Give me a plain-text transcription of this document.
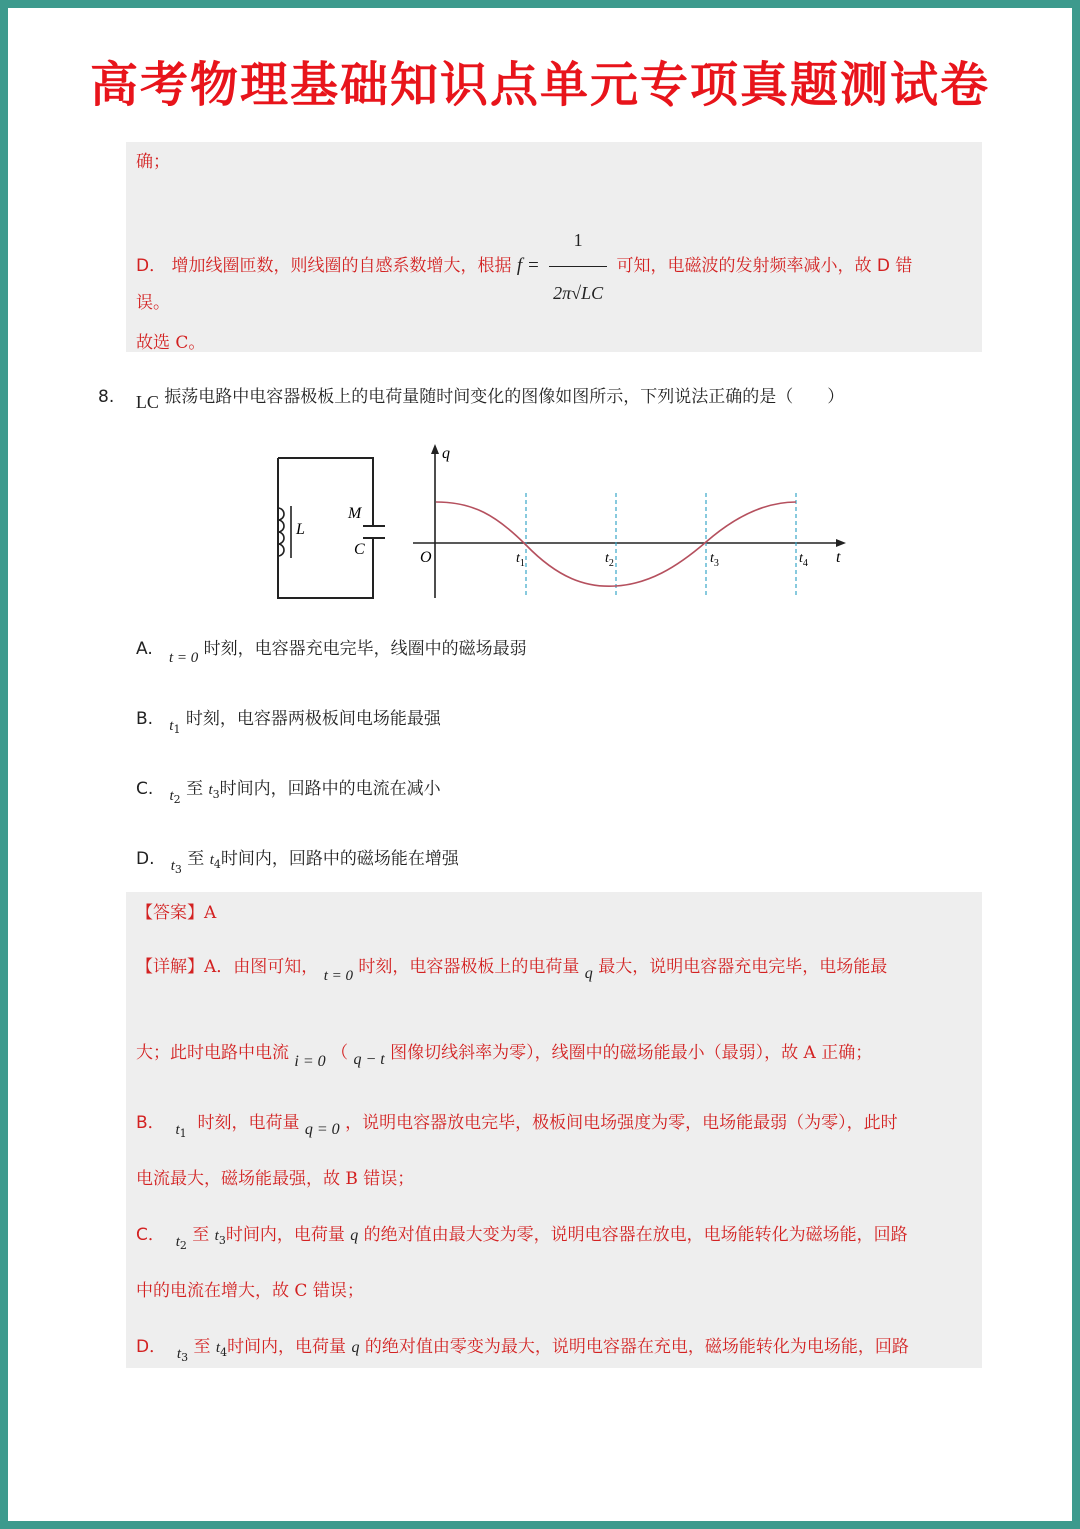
高考物理基础知识点单元专项真题测试卷
确；
D． 增加线圈匝数，则线圈的自感系数增大，根据 $f = \frac{1}{2\pi√LC}$ 可知，电磁波的发射频率减小，故 D 错
误。
故选 C。
8. LC 振荡电路中电容器极板上的电荷量随时间变化的图像如图所示，下列说法正确的是（　　）
L
M
C	O
q
t
$t_1$	$t_2$	$t_3$	$t_4$
A. t = 0 时刻，电容器充电完毕，线圈中的磁场最弱
B. $t_1$ 时刻，电容器两极板间电场能最强
C. $t_2$ 至 $t_3$时间内，回路中的电流在减小
D. $t_3$ 至 $t_4$时间内，回路中的磁场能在增强
【答案】A
【详解】A．由图可知， t = 0 时刻，电容器极板上的电荷量 q 最大，说明电容器充电完毕，电场能最
大；此时电路中电流 i = 0 （ q − t 图像切线斜率为零），线圈中的磁场能最小（最弱），故 A 正确；
B． $t_1$  时刻，电荷量 q = 0 ，说明电容器放电完毕，极板间电场强度为零，电场能最弱（为零），此时
电流最大，磁场能最强，故 B 错误；
C． $t_2$ 至 $t_3$时间内，电荷量 q 的绝对值由最大变为零，说明电容器在放电，电场能转化为磁场能，回路
中的电流在增大，故 C 错误；
D． $t_3$ 至 $t_4$时间内，电荷量 q 的绝对值由零变为最大，说明电容器在充电，磁场能转化为电场能，回路
